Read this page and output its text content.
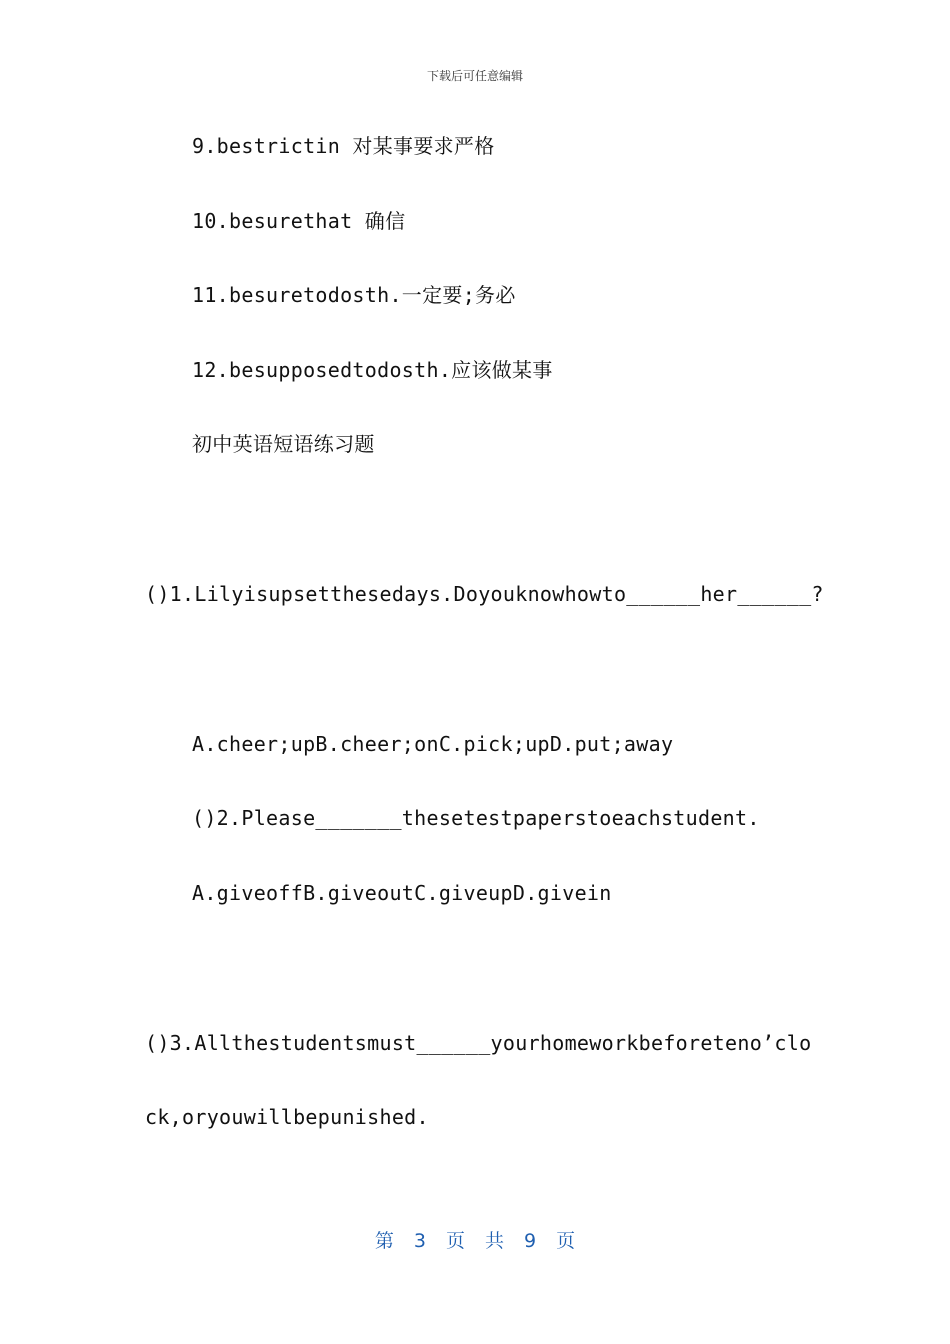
下载后可任意编辑
9.bestrictin 对某事要求严格
10.besurethat 确信
11.besuretodosth.一定要;务必
12.besupposedtodosth.应该做某事
初中英语短语练习题
()1.Lilyisupsetthesedays.Doyouknowhowto______her______?
A.cheer;upB.cheer;onC.pick;upD.put;away
()2.Please_______thesetestpaperstoeachstudent.
A.giveoffB.giveoutC.giveupD.givein
()3.Allthestudentsmust______yourhomeworkbeforeteno’clo
ck,oryouwillbepunished.
第 3 页 共 9 页
